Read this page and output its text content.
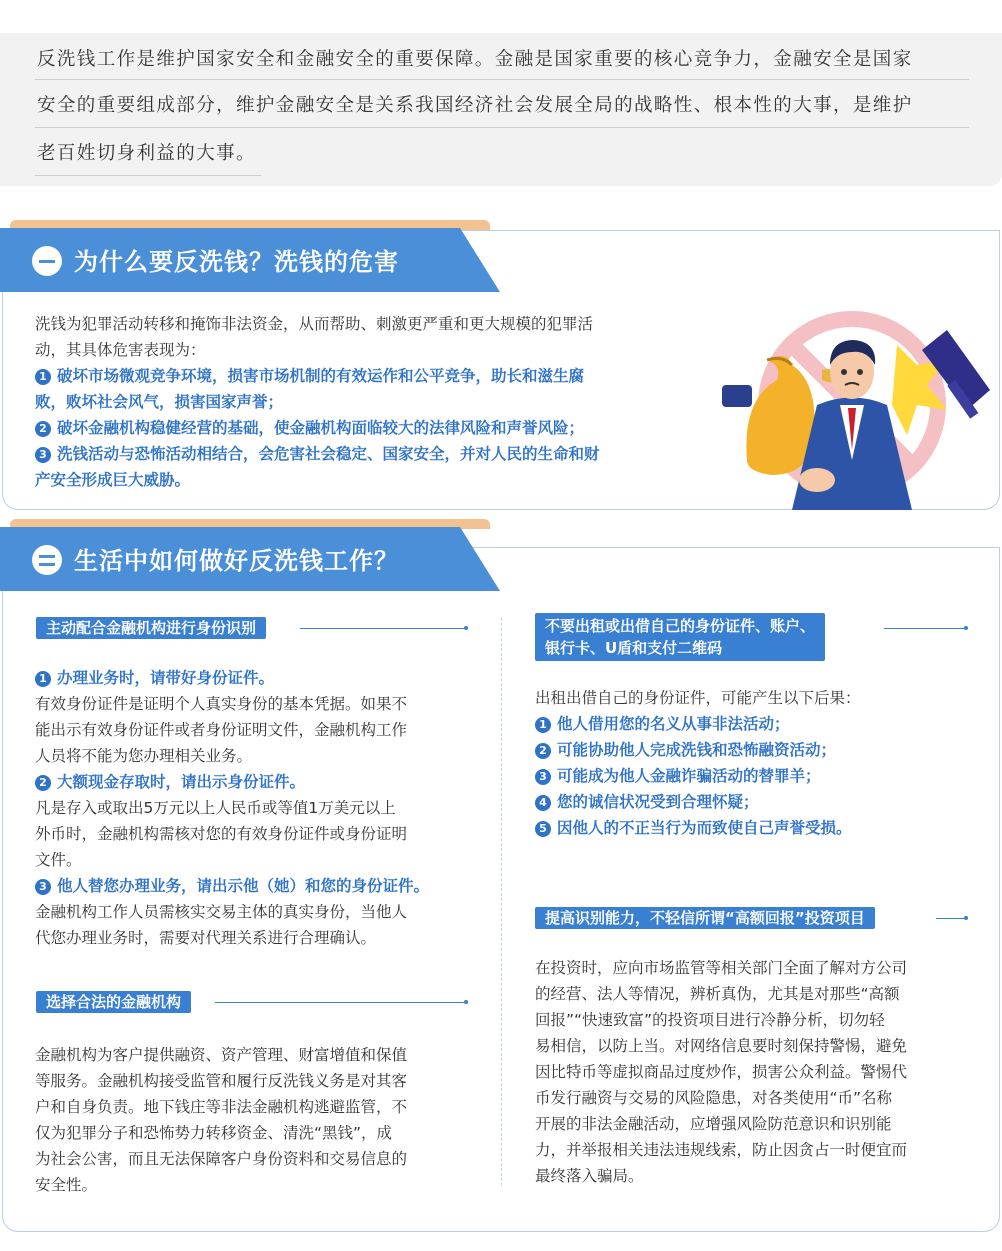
反洗钱工作是维护国家安全和金融安全的重要保障。金融是国家重要的核心竞争力，金融安全是国家
安全的重要组成部分，维护金融安全是关系我国经济社会发展全局的战略性、根本性的大事，是维护
老百姓切身利益的大事。
为什么要反洗钱？洗钱的危害
洗钱为犯罪活动转移和掩饰非法资金，从而帮助、刺激更严重和更大规模的犯罪活
动，其具体危害表现为：
1 破坏市场微观竞争环境，损害市场机制的有效运作和公平竞争，助长和滋生腐
败，败坏社会风气，损害国家声誉；
2 破坏金融机构稳健经营的基础，使金融机构面临较大的法律风险和声誉风险；
3 洗钱活动与恐怖活动相结合，会危害社会稳定、国家安全，并对人民的生命和财
产安全形成巨大威胁。
生活中如何做好反洗钱工作？
主动配合金融机构进行身份识别
1 办理业务时，请带好身份证件。
有效身份证件是证明个人真实身份的基本凭据。如果不
能出示有效身份证件或者身份证明文件，金融机构工作
人员将不能为您办理相关业务。
2 大额现金存取时，请出示身份证件。
凡是存入或取出5万元以上人民币或等值1万美元以上
外币时，金融机构需核对您的有效身份证件或身份证明
文件。
3 他人替您办理业务，请出示他（她）和您的身份证件。
金融机构工作人员需核实交易主体的真实身份，当他人
代您办理业务时，需要对代理关系进行合理确认。
选择合法的金融机构
金融机构为客户提供融资、资产管理、财富增值和保值
等服务。金融机构接受监管和履行反洗钱义务是对其客
户和自身负责。地下钱庄等非法金融机构逃避监管，不
仅为犯罪分子和恐怖势力转移资金、清洗“黑钱”，成
为社会公害，而且无法保障客户身份资料和交易信息的
安全性。
不要出租或出借自己的身份证件、账户、
银行卡、U盾和支付二维码
出租出借自己的身份证件，可能产生以下后果：
1 他人借用您的名义从事非法活动；
2 可能协助他人完成洗钱和恐怖融资活动；
3 可能成为他人金融诈骗活动的替罪羊；
4 您的诚信状况受到合理怀疑；
5 因他人的不正当行为而致使自己声誉受损。
提高识别能力，不轻信所谓“高额回报”投资项目
在投资时，应向市场监管等相关部门全面了解对方公司
的经营、法人等情况，辨析真伪，尤其是对那些“高额
回报”“快速致富”的投资项目进行冷静分析，切勿轻
易相信，以防上当。对网络信息要时刻保持警惕，避免
因比特币等虚拟商品过度炒作，损害公众利益。警惕代
币发行融资与交易的风险隐患，对各类使用“币”名称
开展的非法金融活动，应增强风险防范意识和识别能
力，并举报相关违法违规线索，防止因贪占一时便宜而
最终落入骗局。
